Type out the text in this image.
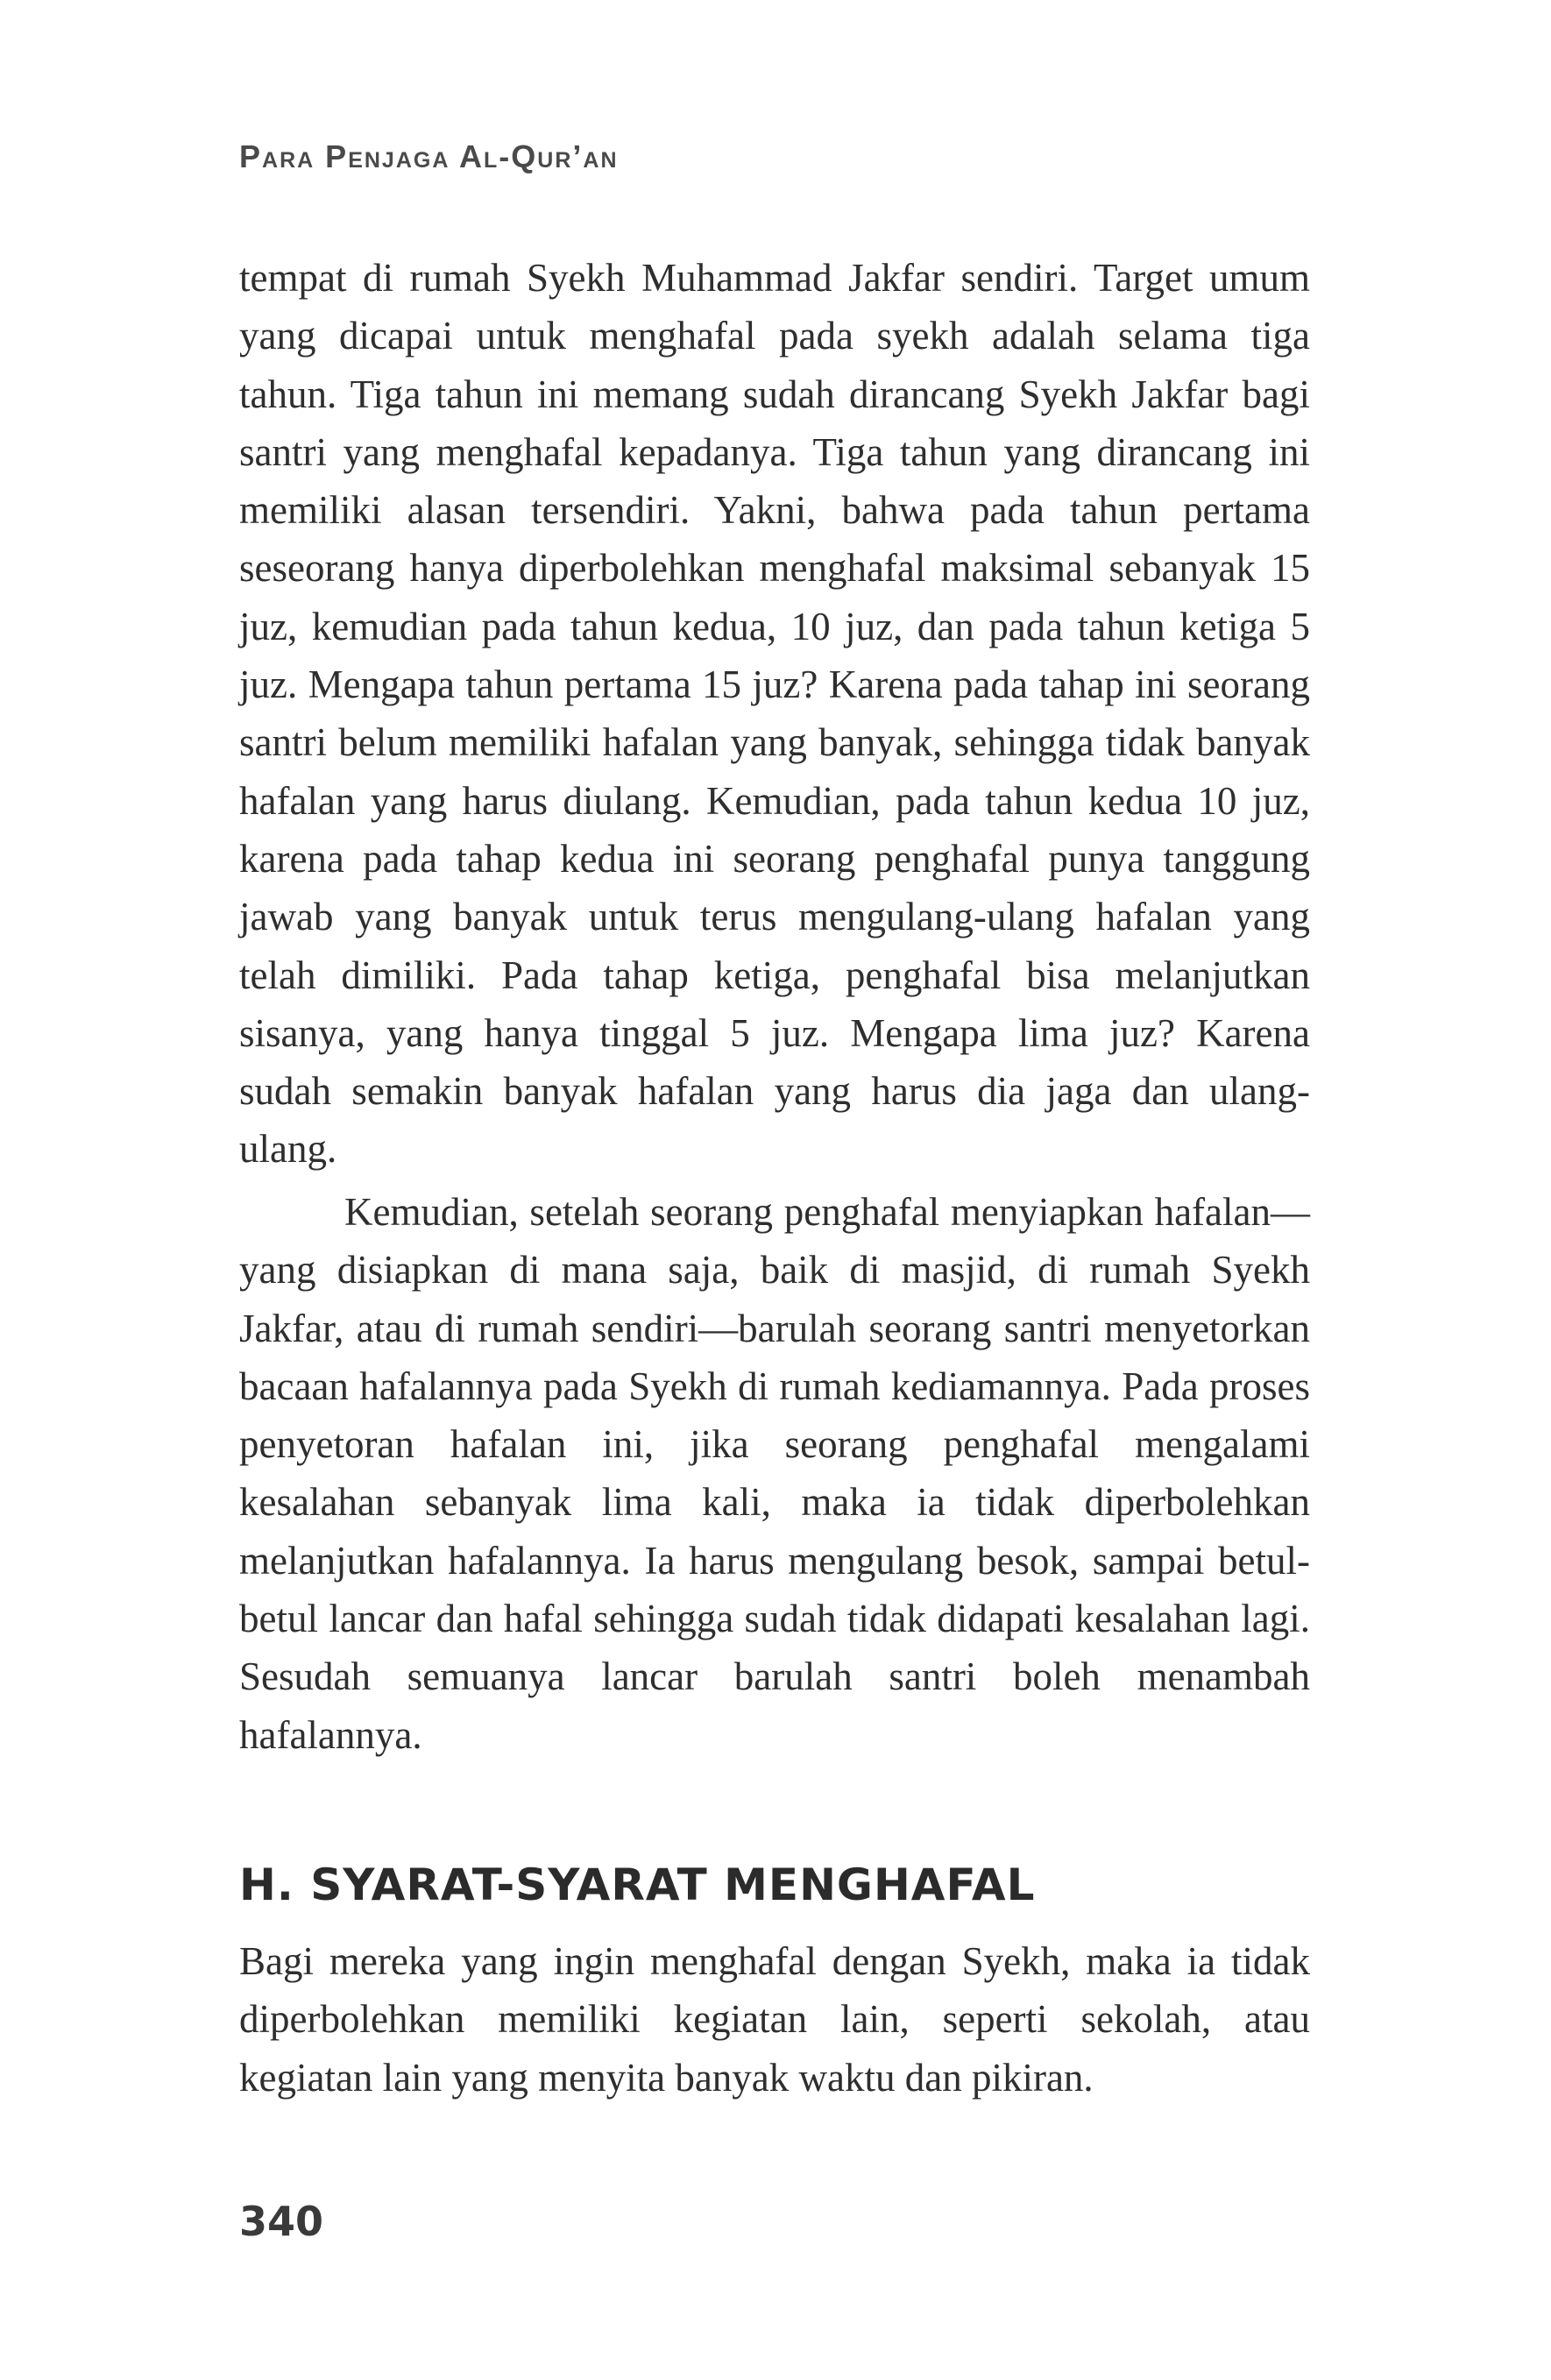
Para Penjaga Al-Qur’an

tempat di rumah Syekh Muhammad Jakfar sendiri. Target umum yang dicapai untuk menghafal pada syekh adalah selama tiga tahun. Tiga tahun ini memang sudah dirancang Syekh Jakfar bagi santri yang menghafal kepadanya. Tiga tahun yang dirancang ini memiliki alasan tersendiri. Yakni, bahwa pada tahun pertama seseorang hanya diperbolehkan menghafal maksimal sebanyak 15 juz, kemudian pada tahun kedua, 10 juz, dan pada tahun ketiga 5 juz. Mengapa tahun pertama 15 juz? Karena pada tahap ini seorang santri belum memiliki hafalan yang banyak, sehingga tidak banyak hafalan yang harus diulang. Kemudian, pada tahun kedua 10 juz, karena pada tahap kedua ini seorang penghafal punya tanggung jawab yang banyak untuk terus mengulang-ulang hafalan yang telah dimiliki. Pada tahap ketiga, penghafal bisa melanjutkan sisanya, yang hanya tinggal 5 juz. Mengapa lima juz? Karena sudah semakin banyak hafalan yang harus dia jaga dan ulang-ulang.

Kemudian, setelah seorang penghafal menyiapkan hafalan—yang disiapkan di mana saja, baik di masjid, di rumah Syekh Jakfar, atau di rumah sendiri—barulah seorang santri menyetorkan bacaan hafalannya pada Syekh di rumah kediamannya. Pada proses penyetoran hafalan ini, jika seorang penghafal mengalami kesalahan sebanyak lima kali, maka ia tidak diperbolehkan melanjutkan hafalannya. Ia harus mengulang besok, sampai betul-betul lancar dan hafal sehingga sudah tidak didapati kesalahan lagi. Sesudah semuanya lancar barulah santri boleh menambah hafalannya.

H. SYARAT-SYARAT MENGHAFAL

Bagi mereka yang ingin menghafal dengan Syekh, maka ia tidak diperbolehkan memiliki kegiatan lain, seperti sekolah, atau kegiatan lain yang menyita banyak waktu dan pikiran.

340
